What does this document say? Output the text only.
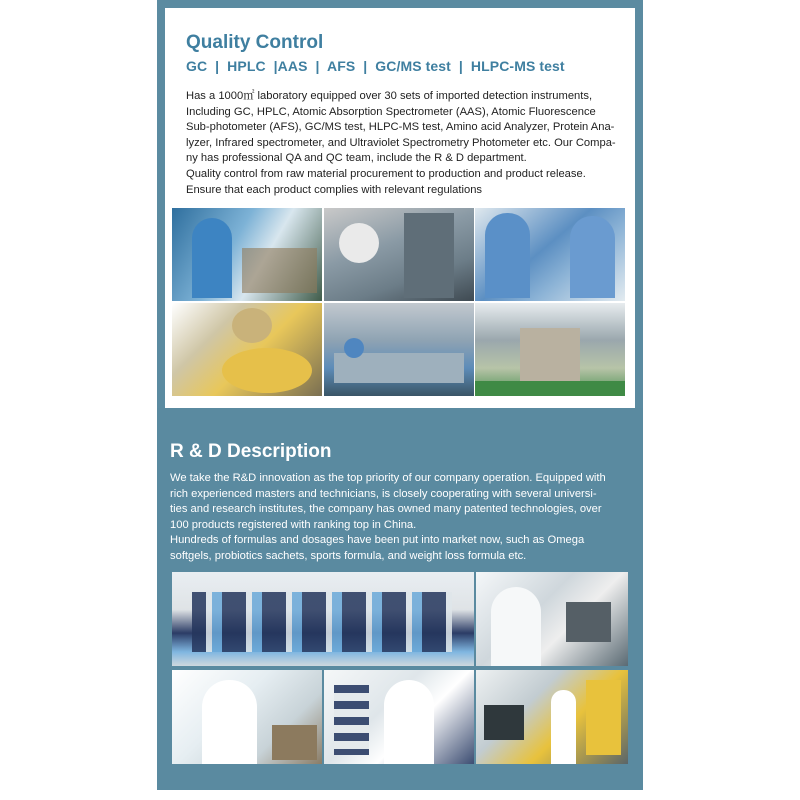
Quality Control
GC  |  HPLC  |AAS  |  AFS  |  GC/MS test  |  HLPC-MS test
Has a 1000㎡ laboratory equipped over 30 sets of imported detection instruments,
Including GC, HPLC, Atomic Absorption Spectrometer (AAS), Atomic Fluorescence
Sub-photometer (AFS), GC/MS test, HLPC-MS test, Amino acid Analyzer, Protein Ana-
lyzer, Infrared spectrometer, and Ultraviolet Spectrometry Photometer etc. Our Compa-
ny has professional QA and QC team, include the R & D department.
Quality control from raw material procurement to production and product release.
Ensure that each product complies with relevant regulations
R & D Description
We take the R&D innovation as the top priority of our company operation. Equipped with
rich experienced masters and technicians, is closely cooperating with several universi-
ties and research institutes, the company has owned many patented technologies, over
100 products registered with ranking top in China.
Hundreds of formulas and dosages have been put into market now, such as Omega
softgels, probiotics sachets, sports formula, and weight loss formula etc.
